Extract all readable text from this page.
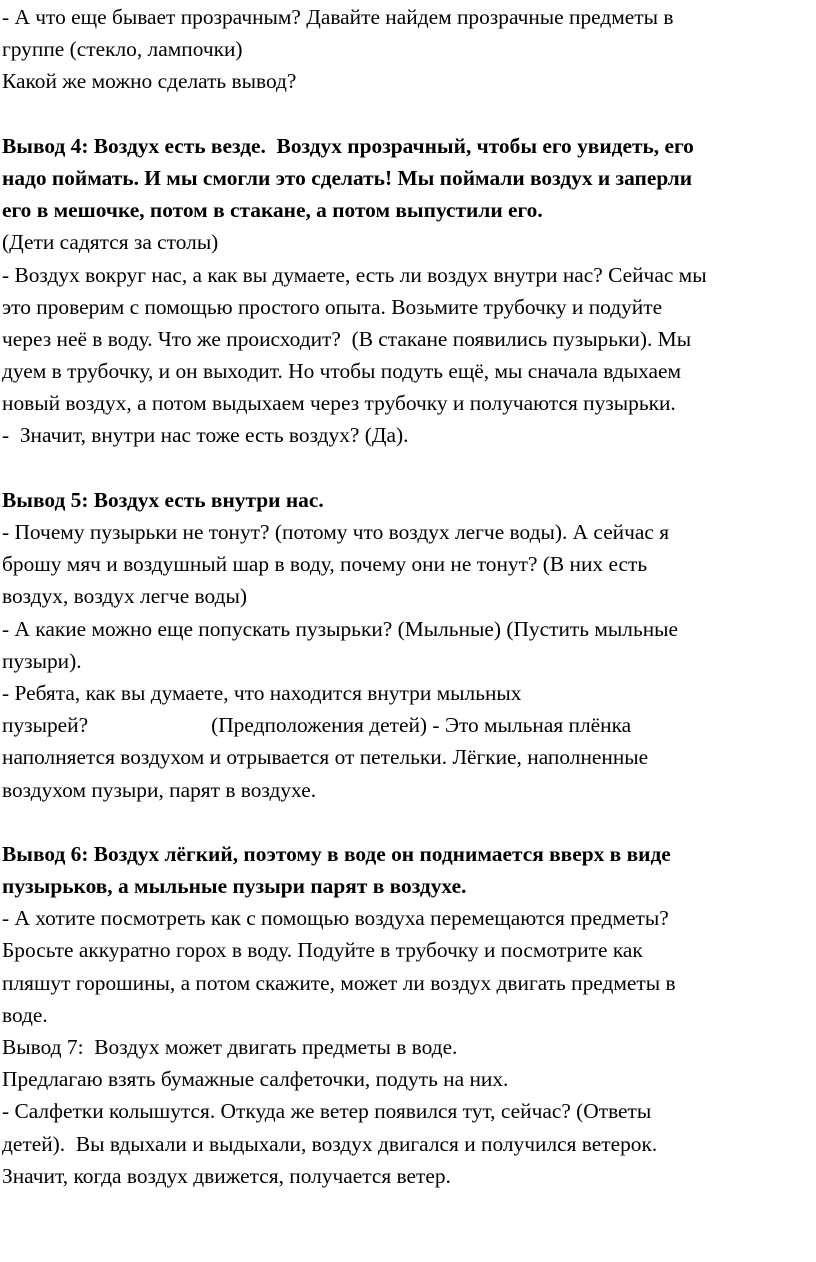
- А что еще бывает прозрачным? Давайте найдем прозрачные предметы в
группе (стекло, лампочки)
Какой же можно сделать вывод?
Вывод 4: Воздух есть везде.  Воздух прозрачный, чтобы его увидеть, его
надо поймать. И мы смогли это сделать! Мы поймали воздух и заперли
его в мешочке, потом в стакане, а потом выпустили его.
(Дети садятся за столы)
- Воздух вокруг нас, а как вы думаете, есть ли воздух внутри нас? Сейчас мы
это проверим с помощью простого опыта. Возьмите трубочку и подуйте
через неё в воду. Что же происходит?  (В стакане появились пузырьки). Мы
дуем в трубочку, и он выходит. Но чтобы подуть ещё, мы сначала вдыхаем
новый воздух, а потом выдыхаем через трубочку и получаются пузырьки.
-  Значит, внутри нас тоже есть воздух? (Да).
Вывод 5: Воздух есть внутри нас.
- Почему пузырьки не тонут? (потому что воздух легче воды). А сейчас я
брошу мяч и воздушный шар в воду, почему они не тонут? (В них есть
воздух, воздух легче воды)
- А какие можно еще попускать пузырьки? (Мыльные) (Пустить мыльные
пузыри).
- Ребята, как вы думаете, что находится внутри мыльных
пузырей?                       (Предположения детей) - Это мыльная плёнка
наполняется воздухом и отрывается от петельки. Лёгкие, наполненные
воздухом пузыри, парят в воздухе.
Вывод 6: Воздух лёгкий, поэтому в воде он поднимается вверх в виде
пузырьков, а мыльные пузыри парят в воздухе.
- А хотите посмотреть как с помощью воздуха перемещаются предметы?
Бросьте аккуратно горох в воду. Подуйте в трубочку и посмотрите как
пляшут горошины, а потом скажите, может ли воздух двигать предметы в
воде.
Вывод 7:  Воздух может двигать предметы в воде.
Предлагаю взять бумажные салфеточки, подуть на них.
- Салфетки колышутся. Откуда же ветер появился тут, сейчас? (Ответы
детей).  Вы вдыхали и выдыхали, воздух двигался и получился ветерок.
Значит, когда воздух движется, получается ветер.
